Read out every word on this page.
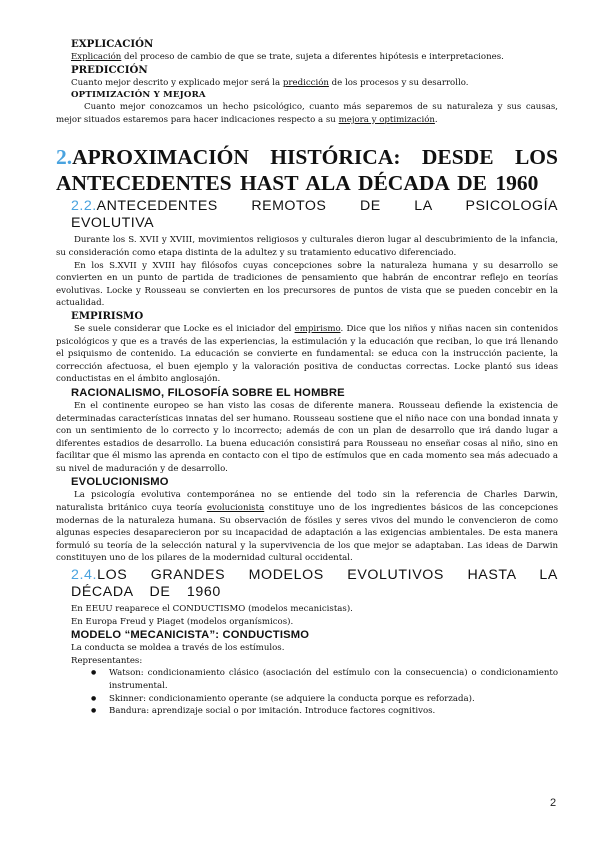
EXPLICACIÓN

Explicación del proceso de cambio de que se trate, sujeta a diferentes hipótesis e interpretaciones.

PREDICCIÓN

Cuanto mejor descrito y explicado mejor será la predicción de los procesos y su desarrollo.

OPTIMIZACIÓN Y MEJORA

Cuanto mejor conozcamos un hecho psicológico, cuanto más separemos de su naturaleza y sus causas, mejor situados estaremos para hacer indicaciones respecto a su mejora y optimización.

2.APROXIMACIÓN HISTÓRICA: DESDE LOS ANTECEDENTES HAST ALA DÉCADA DE 1960
2.2.ANTECEDENTES REMOTOS DE LA PSICOLOGÍA EVOLUTIVA

Durante los S. XVII y XVIII, movimientos religiosos y culturales dieron lugar al descubrimiento de la infancia, su consideración como etapa distinta de la adultez y su tratamiento educativo diferenciado.

En los S.XVII y XVIII hay filósofos cuyas concepciones sobre la naturaleza humana y su desarrollo se convierten en un punto de partida de tradiciones de pensamiento que habrán de encontrar reflejo en teorías evolutivas. Locke y Rousseau se convierten en los precursores de puntos de vista que se pueden concebir en la actualidad.

EMPIRISMO

Se suele considerar que Locke es el iniciador del empirismo. Dice que los niños y niñas nacen sin contenidos psicológicos y que es a través de las experiencias, la estimulación y la educación que reciban, lo que irá llenando el psiquismo de contenido. La educación se convierte en fundamental: se educa con la instrucción paciente, la corrección afectuosa, el buen ejemplo y la valoración positiva de conductas correctas. Locke plantó sus ideas conductistas en el ámbito anglosajón.

RACIONALISMO, FILOSOFÍA SOBRE EL HOMBRE

En el continente europeo se han visto las cosas de diferente manera. Rousseau defiende la existencia de determinadas características innatas del ser humano. Rousseau sostiene que el niño nace con una bondad innata y con un sentimiento de lo correcto y lo incorrecto; además de con un plan de desarrollo que irá dando lugar a diferentes estadios de desarrollo. La buena educación consistirá para Rousseau no enseñar cosas al niño, sino en facilitar que él mismo las aprenda en contacto con el tipo de estímulos que en cada momento sea más adecuado a su nivel de maduración y de desarrollo.

EVOLUCIONISMO

La psicología evolutiva contemporánea no se entiende del todo sin la referencia de Charles Darwin, naturalista británico cuya teoría evolucionista constituye uno de los ingredientes básicos de las concepciones modernas de la naturaleza humana. Su observación de fósiles y seres vivos del mundo le convencieron de como algunas especies desaparecieron por su incapacidad de adaptación a las exigencias ambientales. De esta manera formuló su teoría de la selección natural y la supervivencia de los que mejor se adaptaban. Las ideas de Darwin constituyen uno de los pilares de la modernidad cultural occidental.

2.4.LOS GRANDES MODELOS EVOLUTIVOS HASTA LA DÉCADA DE 1960

En EEUU reaparece el CONDUCTISMO (modelos mecanicistas).

En Europa Freud y Piaget (modelos organísmicos).

MODELO “MECANICISTA”: CONDUCTISMO

La conducta se moldea a través de los estímulos.

Representantes:

● Watson: condicionamiento clásico (asociación del estímulo con la consecuencia) o condicionamiento instrumental.
● Skinner: condicionamiento operante (se adquiere la conducta porque es reforzada).
● Bandura: aprendizaje social o por imitación. Introduce factores cognitivos.
2
